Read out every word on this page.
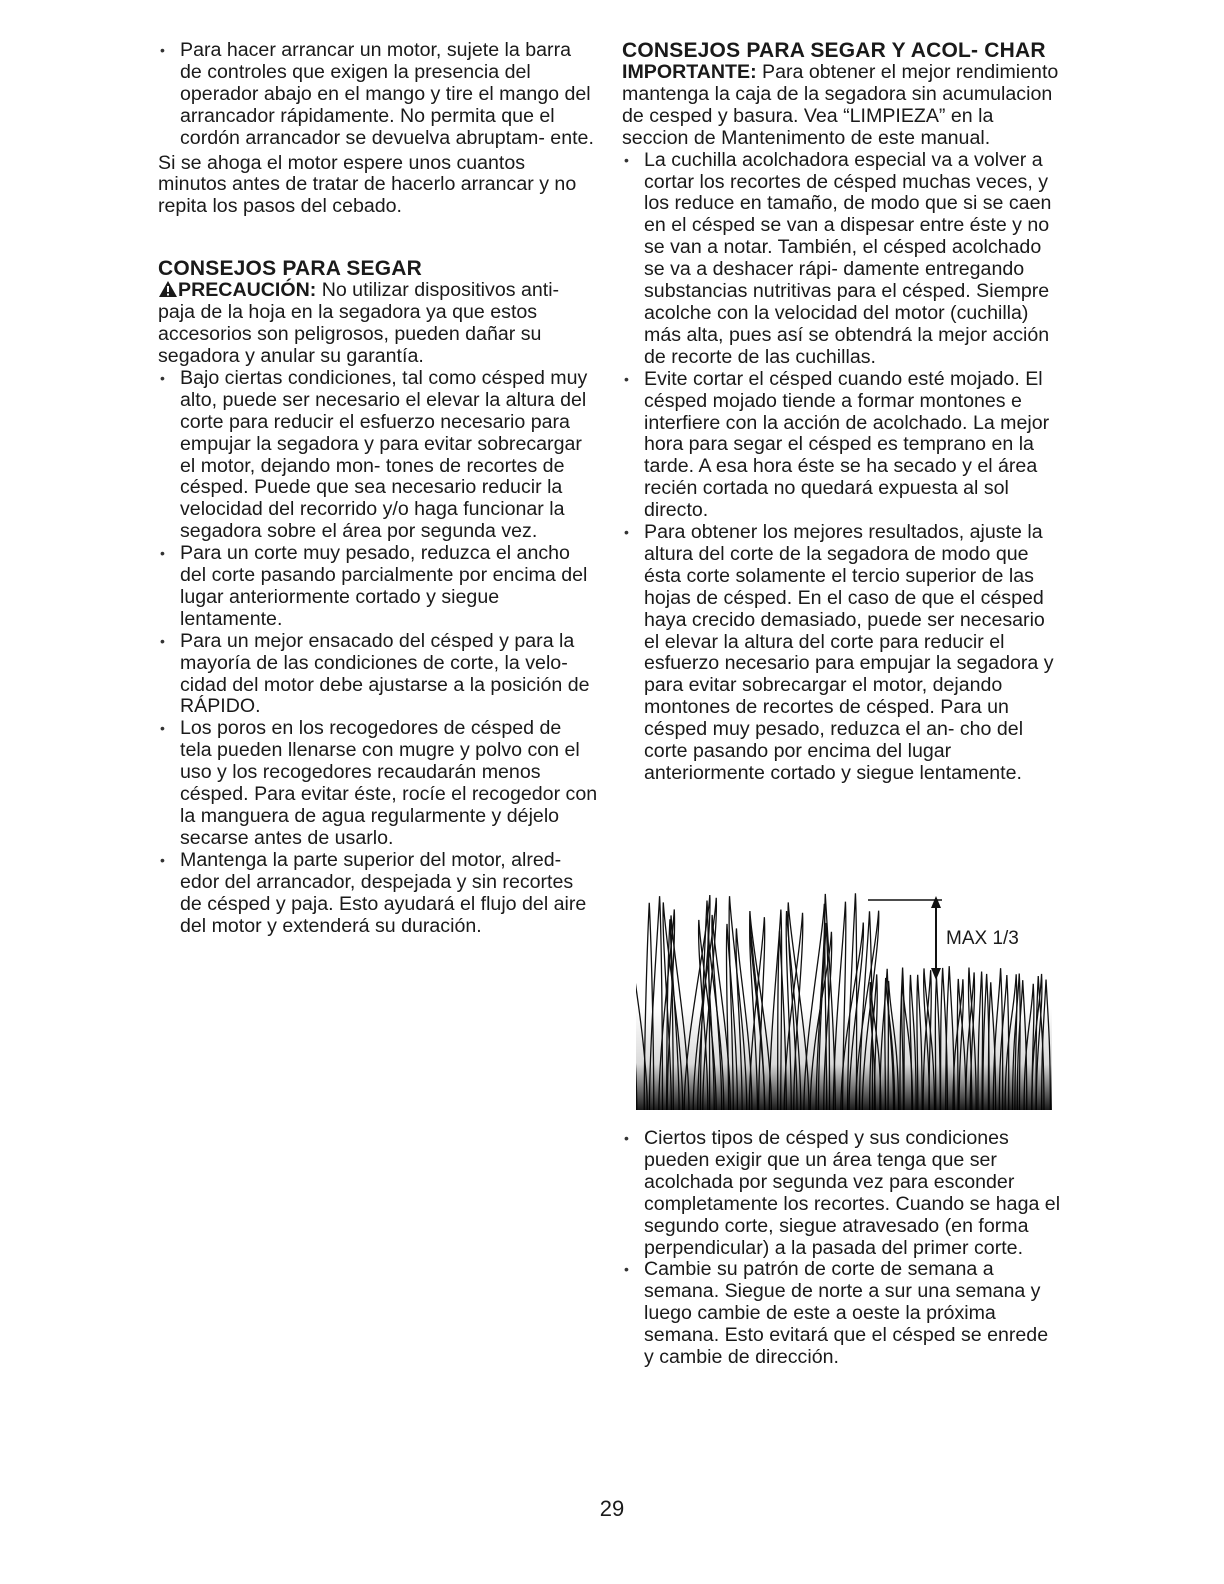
• Para hacer arrancar un motor, sujete la barra de controles que exigen la presencia del operador abajo en el mango y tire el mango del arrancador rápidamente. No permita que el cordón arrancador se devuelva abruptam- ente.

Si se ahoga el motor espere unos cuantos minutos antes de tratar de hacerlo arrancar y no repita los pasos del cebado.

CONSEJOS PARA SEGAR

PRECAUCIÓN: No utilizar dispositivos anti- paja de la hoja en la segadora ya que estos accesorios son peligrosos, pueden dañar su segadora y anular su garantía.

• Bajo ciertas condiciones, tal como césped muy alto, puede ser necesario el elevar la altura del corte para reducir el esfuerzo necesario para empujar la segadora y para evitar sobrecargar el motor, dejando mon- tones de recortes de césped. Puede que sea necesario reducir la velocidad del recorrido y/o haga funcionar la segadora sobre el área por segunda vez.
• Para un corte muy pesado, reduzca el ancho del corte pasando parcialmente por encima del lugar anteriormente cortado y siegue lentamente.
• Para un mejor ensacado del césped y para la mayoría de las condiciones de corte, la velo- cidad del motor debe ajustarse a la posición de RÁPIDO.
• Los poros en los recogedores de césped de tela pueden llenarse con mugre y polvo con el uso y los recogedores recaudarán menos césped. Para evitar éste, rocíe el recogedor con la manguera de agua regularmente y déjelo secarse antes de usarlo.
• Mantenga la parte superior del motor, alred- edor del arrancador, despejada y sin recortes de césped y paja. Esto ayudará el flujo del aire del motor y extenderá su duración.
CONSEJOS PARA SEGAR Y ACOL- CHAR

IMPORTANTE: Para obtener el mejor rendimiento mantenga la caja de la segadora sin acumulacion de cesped y basura. Vea “LIMPIEZA” en la seccion de Mantenimento de este manual.

• La cuchilla acolchadora especial va a volver a cortar los recortes de césped muchas veces, y los reduce en tamaño, de modo que si se caen en el césped se van a dispesar entre éste y no se van a notar. También, el césped acolchado se va a deshacer rápi- damente entregando substancias nutritivas para el césped. Siempre acolche con la velocidad del motor (cuchilla) más alta, pues así se obtendrá la mejor acción de recorte de las cuchillas.
• Evite cortar el césped cuando esté mojado. El césped mojado tiende a formar montones e interfiere con la acción de acolchado. La mejor hora para segar el césped es temprano en la tarde. A esa hora éste se ha secado y el área recién cortada no quedará expuesta al sol directo.
• Para obtener los mejores resultados, ajuste la altura del corte de la segadora de modo que ésta corte solamente el tercio superior de las hojas de césped. En el caso de que el césped haya crecido demasiado, puede ser necesario el elevar la altura del corte para reducir el esfuerzo necesario para empujar la segadora y para evitar sobrecargar el motor, dejando montones de recortes de césped. Para un césped muy pesado, reduzca el an- cho del corte pasando por encima del lugar anteriormente cortado y siegue lentamente.
MAX 1/3
• Ciertos tipos de césped y sus condiciones pueden exigir que un área tenga que ser acolchada por segunda vez para esconder completamente los recortes. Cuando se haga el segundo corte, siegue atravesado (en forma perpendicular) a la pasada del primer corte.
• Cambie su patrón de corte de semana a semana. Siegue de norte a sur una semana y luego cambie de este a oeste la próxima semana. Esto evitará que el césped se enrede y cambie de dirección.
29
